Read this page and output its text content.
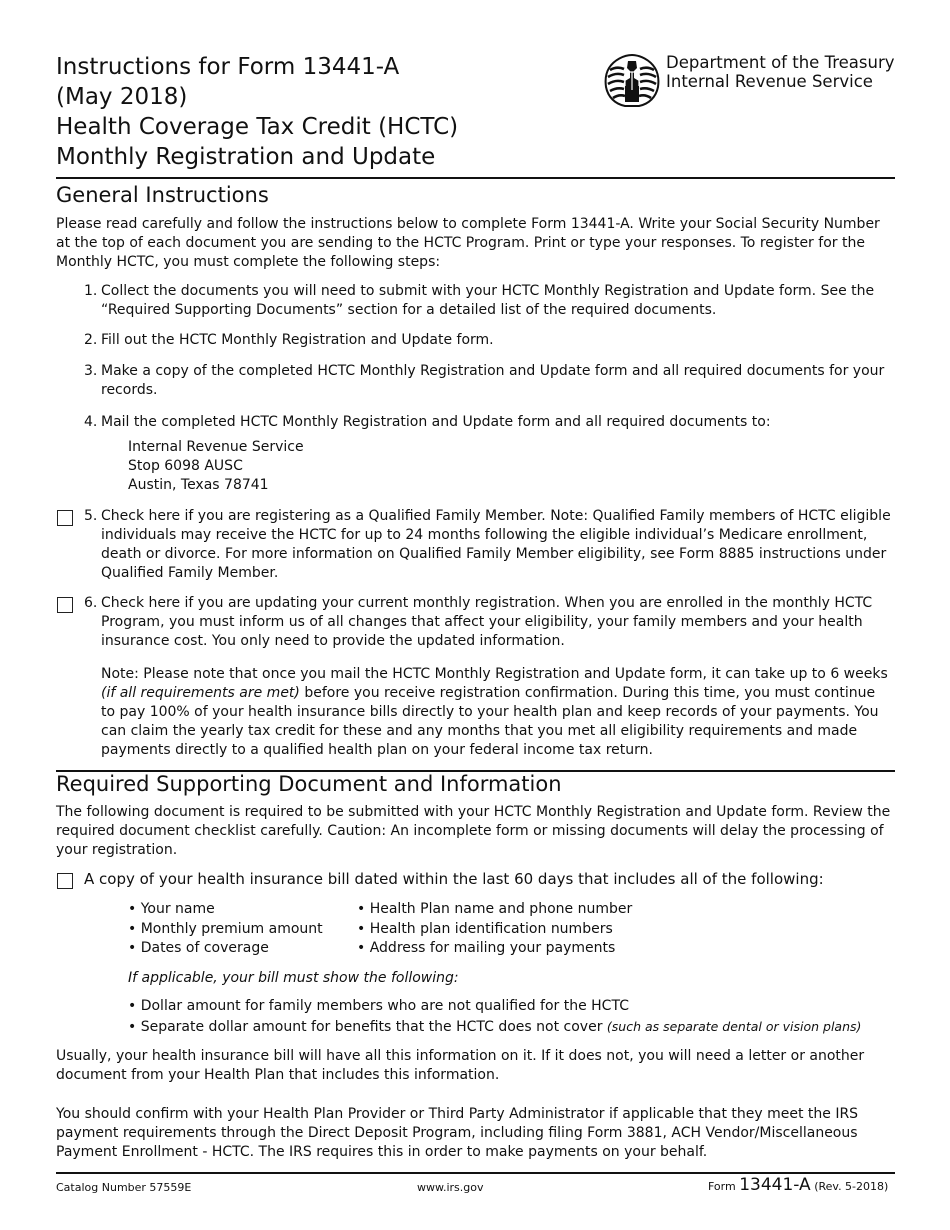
Instructions for Form 13441-A
(May 2018)
Health Coverage Tax Credit (HCTC)
Monthly Registration and Update
Department of the Treasury
Internal Revenue Service
General Instructions
Please read carefully and follow the instructions below to complete Form 13441-A. Write your Social Security Number at the top of each document you are sending to the HCTC Program. Print or type your responses. To register for the Monthly HCTC, you must complete the following steps:
1. Collect the documents you will need to submit with your HCTC Monthly Registration and Update form. See the “Required Supporting Documents” section for a detailed list of the required documents.
2. Fill out the HCTC Monthly Registration and Update form.
3. Make a copy of the completed HCTC Monthly Registration and Update form and all required documents for your records.
4. Mail the completed HCTC Monthly Registration and Update form and all required documents to:
Internal Revenue Service
Stop 6098 AUSC
Austin, Texas 78741
5. Check here if you are registering as a Qualified Family Member. Note: Qualified Family members of HCTC eligible individuals may receive the HCTC for up to 24 months following the eligible individual’s Medicare enrollment, death or divorce. For more information on Qualified Family Member eligibility, see Form 8885 instructions under Qualified Family Member.
6. Check here if you are updating your current monthly registration. When you are enrolled in the monthly HCTC Program, you must inform us of all changes that affect your eligibility, your family members and your health insurance cost. You only need to provide the updated information.
Note: Please note that once you mail the HCTC Monthly Registration and Update form, it can take up to 6 weeks (if all requirements are met) before you receive registration confirmation. During this time, you must continue to pay 100% of your health insurance bills directly to your health plan and keep records of your payments. You can claim the yearly tax credit for these and any months that you met all eligibility requirements and made payments directly to a qualified health plan on your federal income tax return.
Required Supporting Document and Information
The following document is required to be submitted with your HCTC Monthly Registration and Update form. Review the required document checklist carefully. Caution: An incomplete form or missing documents will delay the processing of your registration.
A copy of your health insurance bill dated within the last 60 days that includes all of the following:
• Your name
• Monthly premium amount
• Dates of coverage
• Health Plan name and phone number
• Health plan identification numbers
• Address for mailing your payments
If applicable, your bill must show the following:
• Dollar amount for family members who are not qualified for the HCTC
• Separate dollar amount for benefits that the HCTC does not cover (such as separate dental or vision plans)
Usually, your health insurance bill will have all this information on it. If it does not, you will need a letter or another document from your Health Plan that includes this information.
You should confirm with your Health Plan Provider or Third Party Administrator if applicable that they meet the IRS payment requirements through the Direct Deposit Program, including filing Form 3881, ACH Vendor/Miscellaneous Payment Enrollment - HCTC. The IRS requires this in order to make payments on your behalf.
Catalog Number 57559E	www.irs.gov	Form 13441-A (Rev. 5-2018)
